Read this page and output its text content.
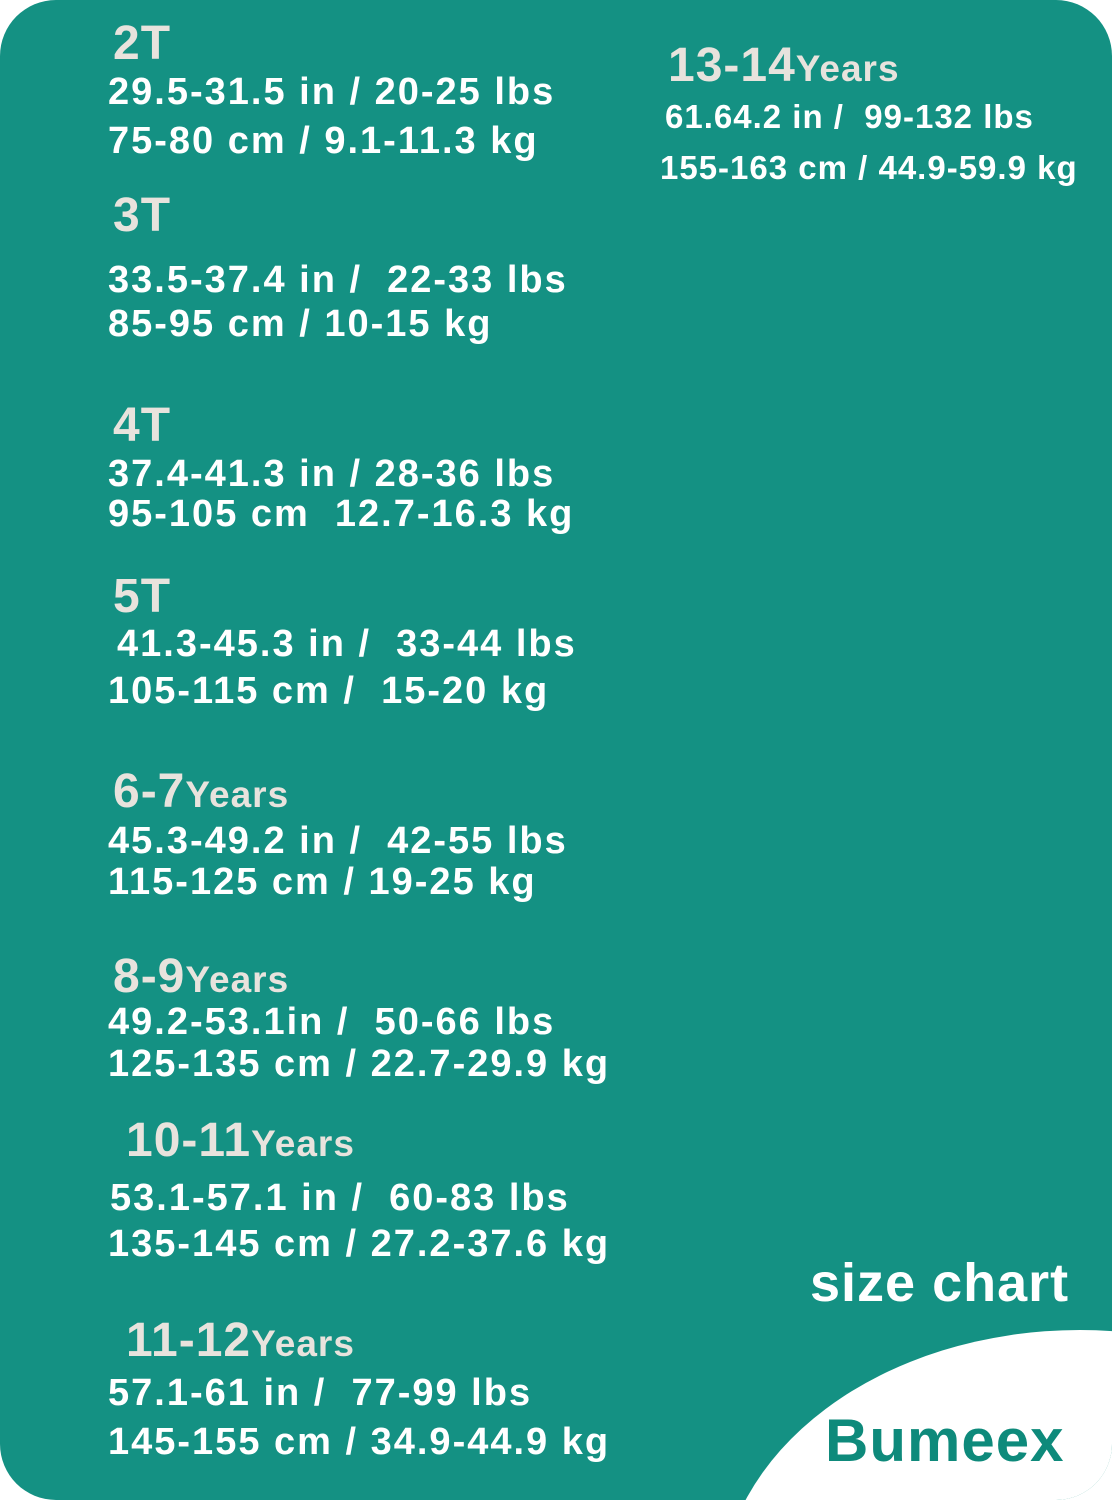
2T
29.5-31.5 in / 20-25 lbs
75-80 cm / 9.1-11.3 kg
3T
33.5-37.4 in /  22-33 lbs
85-95 cm / 10-15 kg
4T
37.4-41.3 in / 28-36 lbs
95-105 cm  12.7-16.3 kg
5T
41.3-45.3 in /  33-44 lbs
105-115 cm /  15-20 kg
6-7Years
45.3-49.2 in /  42-55 lbs
115-125 cm / 19-25 kg
8-9Years
49.2-53.1in /  50-66 lbs
125-135 cm / 22.7-29.9 kg
10-11Years
53.1-57.1 in /  60-83 lbs
135-145 cm / 27.2-37.6 kg
11-12Years
57.1-61 in /  77-99 lbs
145-155 cm / 34.9-44.9 kg
13-14Years
61.64.2 in /  99-132 lbs
155-163 cm / 44.9-59.9 kg
size chart
Bumeex
